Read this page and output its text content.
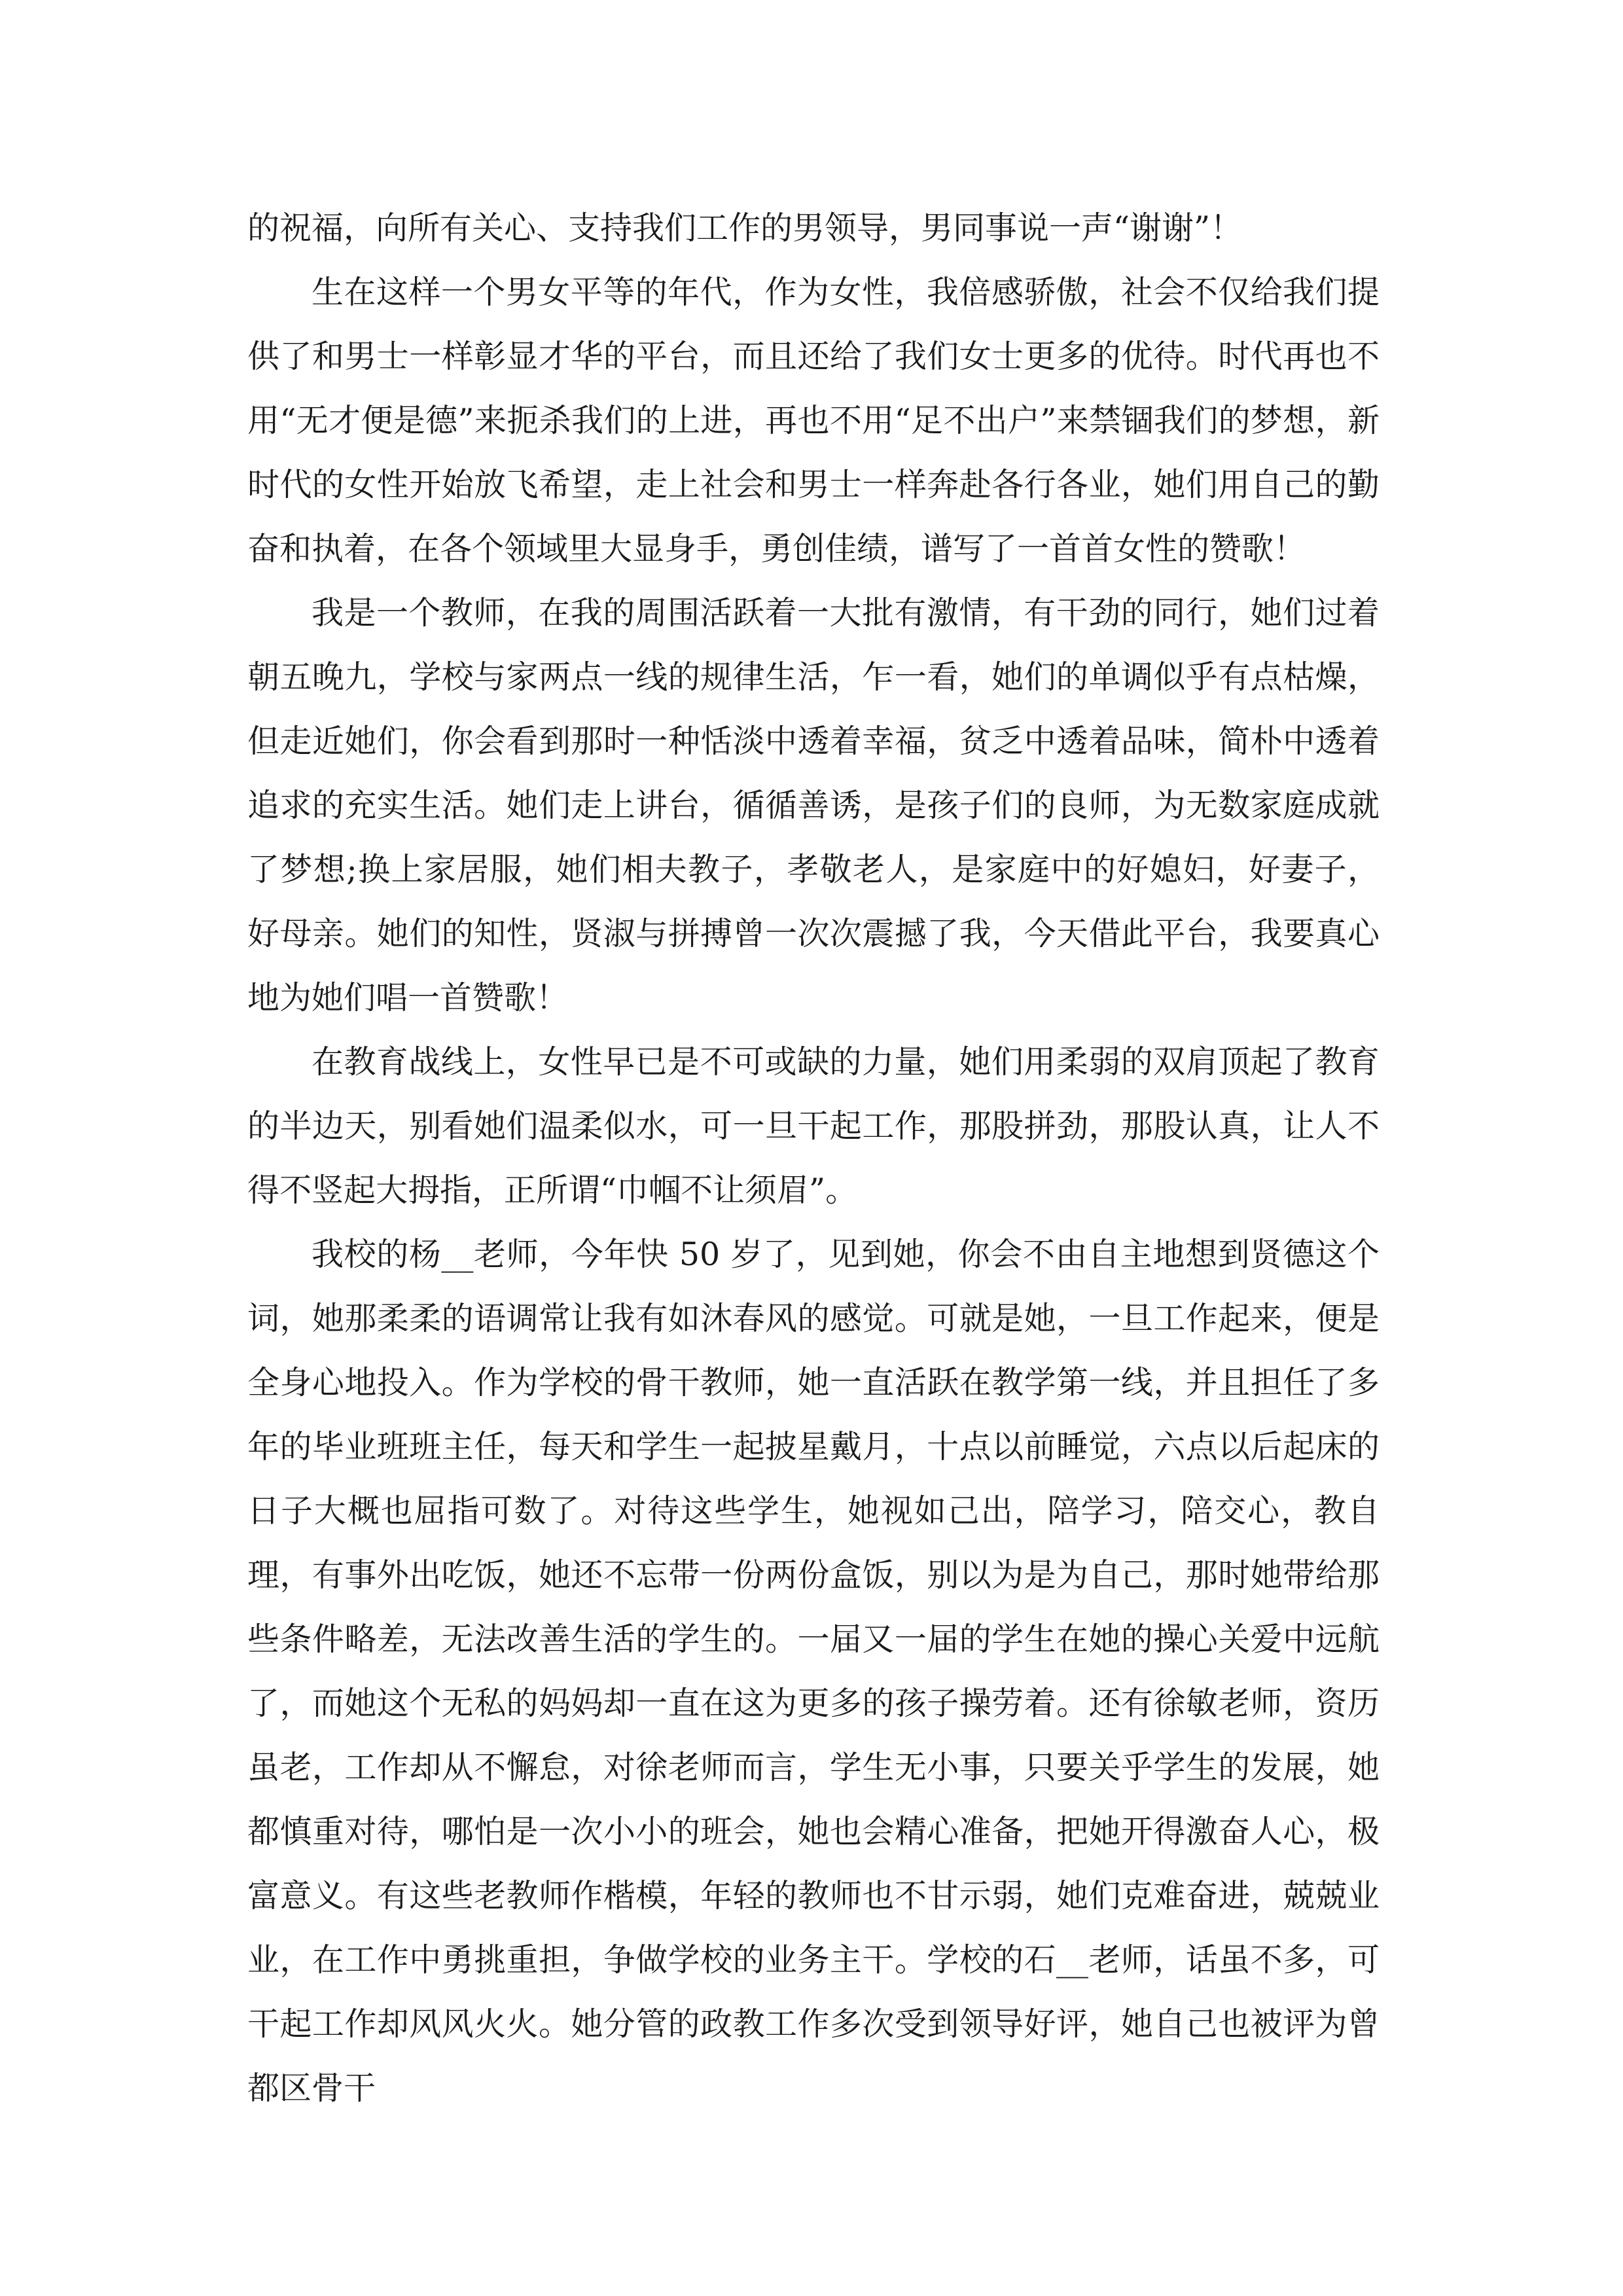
的祝福，向所有关心、支持我们工作的男领导，男同事说一声“谢谢”！

生在这样一个男女平等的年代，作为女性，我倍感骄傲，社会不仅给我们提供了和男士一样彰显才华的平台，而且还给了我们女士更多的优待。时代再也不用“无才便是德”来扼杀我们的上进，再也不用“足不出户”来禁锢我们的梦想，新时代的女性开始放飞希望，走上社会和男士一样奔赴各行各业，她们用自己的勤奋和执着，在各个领域里大显身手，勇创佳绩，谱写了一首首女性的赞歌！

我是一个教师，在我的周围活跃着一大批有激情，有干劲的同行，她们过着朝五晚九，学校与家两点一线的规律生活，乍一看，她们的单调似乎有点枯燥，但走近她们，你会看到那时一种恬淡中透着幸福，贫乏中透着品味，简朴中透着追求的充实生活。她们走上讲台，循循善诱，是孩子们的良师，为无数家庭成就了梦想;换上家居服，她们相夫教子，孝敬老人，是家庭中的好媳妇，好妻子，好母亲。她们的知性，贤淑与拼搏曾一次次震撼了我，今天借此平台，我要真心地为她们唱一首赞歌！

在教育战线上，女性早已是不可或缺的力量，她们用柔弱的双肩顶起了教育的半边天，别看她们温柔似水，可一旦干起工作，那股拼劲，那股认真，让人不得不竖起大拇指，正所谓“巾帼不让须眉”。

我校的杨__老师，今年快 50 岁了，见到她，你会不由自主地想到贤德这个词，她那柔柔的语调常让我有如沐春风的感觉。可就是她，一旦工作起来，便是全身心地投入。作为学校的骨干教师，她一直活跃在教学第一线，并且担任了多年的毕业班班主任，每天和学生一起披星戴月，十点以前睡觉，六点以后起床的日子大概也屈指可数了。对待这些学生，她视如己出，陪学习，陪交心，教自理，有事外出吃饭，她还不忘带一份两份盒饭，别以为是为自己，那时她带给那些条件略差，无法改善生活的学生的。一届又一届的学生在她的操心关爱中远航了，而她这个无私的妈妈却一直在这为更多的孩子操劳着。还有徐敏老师，资历虽老，工作却从不懈怠，对徐老师而言，学生无小事，只要关乎学生的发展，她都慎重对待，哪怕是一次小小的班会，她也会精心准备，把她开得激奋人心，极富意义。有这些老教师作楷模，年轻的教师也不甘示弱，她们克难奋进，兢兢业业，在工作中勇挑重担，争做学校的业务主干。学校的石__老师，话虽不多，可干起工作却风风火火。她分管的政教工作多次受到领导好评，她自己也被评为曾都区骨干
